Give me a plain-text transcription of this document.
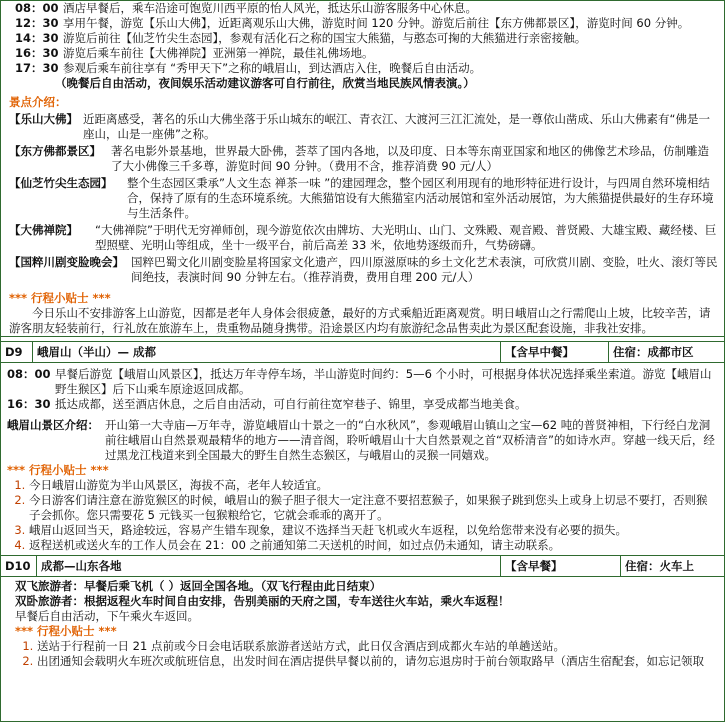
08：00 酒店早餐后，乘车沿途可饱览川西平原的怡人风光，抵达乐山游客服务中心休息。
12：30 享用午餐，游览【乐山大佛】，近距离观乐山大佛，游览时间 120 分钟。游览后前往【东方佛都景区】，游览时间 60 分钟。
14：30 游览后前往【仙芝竹尖生态园】，参观有活化石之称的国宝大熊猫，与憨态可掬的大熊猫进行亲密接触。
16：30 游览后乘车前往【大佛禅院】亚洲第一禅院，最佳礼佛场地。
17：30 参观后乘车前往享有 “秀甲天下”之称的峨眉山，到达酒店入住，晚餐后自由活动。
（晚餐后自由活动，夜间娱乐活动建议游客可自行前往，欣赏当地民族风情表演。）
景点介绍：
【乐山大佛】 近距离感受，著名的乐山大佛坐落于乐山城东的岷江、青衣江、大渡河三江汇流处，是一尊依山凿成、乐山大佛素有“佛是一座山，山是一座佛”之称。
【东方佛都景区】 著名电影外景基地，世界最大卧佛，荟萃了国内各地，以及印度、日本等东南亚国家和地区的佛像艺术珍品，仿制雕造了大小佛像三千多尊，游览时间 90 分钟。（费用不含，推荐消费 90 元/人）
【仙芝竹尖生态园】	整个生态园区秉承”人文生态 禅茶一味 ”的建园理念，整个园区利用现有的地形特征进行设计，与四周自然环境相结合，保持了原有的生态环境系统。大熊猫馆设有大熊猫室内活动展馆和室外活动展馆，为大熊猫提供最好的生存环境与生活条件。
【大佛禅院】	“大佛禅院”于明代无穷禅师创，现今游览依次由牌坊、大光明山、山门、文殊殿、观音殿、普贤殿、大雄宝殿、藏经楼、巨型照壁、光明山等组成，坐十一级平台，前后高差 33 米，依地势逐级而升，气势磅礴。
【国粹川剧变脸晚会】 国粹巴蜀文化川剧变脸星将国家文化遗产，四川原滋原味的乡土文化艺术表演，可欣赏川剧、变脸，吐火、滚灯等民间绝技，表演时间 90 分钟左右。（推荐消费，费用自理 200 元/人）
*** 行程小贴士 ***
今日乐山不安排游客上山游览，因都是老年人身体会很疲惫，最好的方式乘船近距离观赏。明日峨眉山之行需爬山上坡，比较辛苦，请游客朋友轻装前行，行礼放在旅游车上，贵重物品随身携带。沿途景区内均有旅游纪念品售卖此为景区配套设施，非我社安排。
D9	峨眉山（半山）— 成都	【含早中餐】	住宿：成都市区
08：00 早餐后游览【峨眉山风景区】，抵达万年寺停车场，半山游览时间约：5—6 个小时，可根据身体状况选择乘坐索道。游览【峨眉山野生猴区】后下山乘车原途返回成都。
16：30 抵达成都，送至酒店休息，之后自由活动，可自行前往宽窄巷子、锦里，享受成都当地美食。
峨眉山景区介绍： 开山第一大寺庙—万年寺，游览峨眉山十景之一的“白水秋风”，参观峨眉山镇山之宝—62 吨的普贤神相，下行经白龙洞前往峨眉山自然景观最精华的地方——清音阁，聆听峨眉山十大自然景观之首“双桥清音”的如诗水声。穿越一线天后，经过黑龙江栈道来到全国最大的野生自然生态猴区，与峨眉山的灵猴一同嬉戏。
*** 行程小贴士 ***
1. 今日峨眉山游览为半山风景区，海拔不高，老年人较适宜。
2. 今日游客们请注意在游览猴区的时候，峨眉山的猴子胆子很大一定注意不要招惹猴子，如果猴子跳到您头上或身上切忌不要打，否则猴子会抓你。您只需要花 5 元钱买一包猴粮给它，它就会乖乖的离开了。
3. 峨眉山返回当天，路途较远，容易产生错车现象，建议不选择当天赶飞机或火车返程，以免给您带来没有必要的损失。
4. 返程送机或送火车的工作人员会在 21：00 之前通知第二天送机的时间，如过点仍未通知，请主动联系。
D10 成都—山东各地	【含早餐】	住宿：火车上
双飞旅游者：早餐后乘飞机（ ）返回全国各地。（双飞行程由此日结束）
双卧旅游者：根据返程火车时间自由安排，告别美丽的天府之国，专车送往火车站，乘火车返程！
早餐后自由活动，下午乘火车返回。
*** 行程小贴士 ***
1. 送站于行程前一日 21 点前或今日会电话联系旅游者送站方式，此日仅含酒店到成都火车站的单趟送站。
2. 出团通知会载明火车班次或航班信息，出发时间在酒店提供早餐以前的，请勿忘退房时于前台领取路早（酒店生宿配套，如忘记领取
